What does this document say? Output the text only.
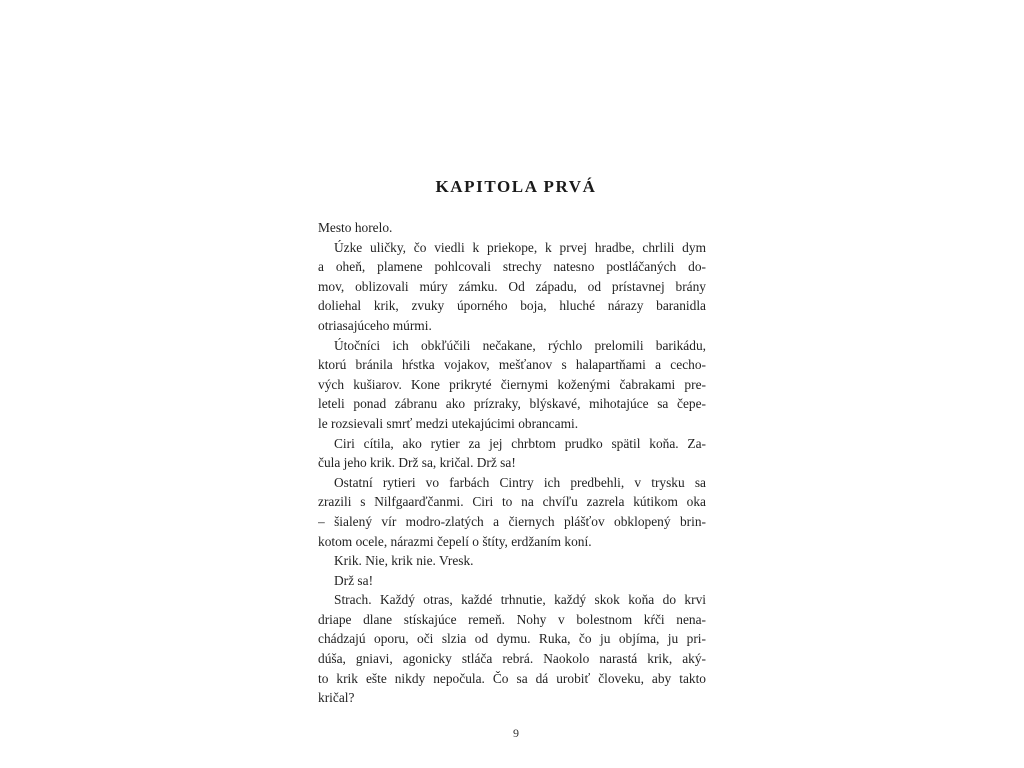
KAPITOLA PRVÁ
Mesto horelo.
Úzke uličky, čo viedli k priekope, k prvej hradbe, chrlili dym
a oheň, plamene pohlcovali strechy natesno postláčaných do-
mov, oblizovali múry zámku. Od západu, od prístavnej brány
doliehal krik, zvuky úporného boja, hluché nárazy baranidla
otriasajúceho múrmi.
Útočníci ich obkľúčili nečakane, rýchlo prelomili barikádu,
ktorú bránila hŕstka vojakov, mešťanov s halapartňami a cecho-
vých kušiarov. Kone prikryté čiernymi koženými čabrakami pre-
leteli ponad zábranu ako prízraky, blýskavé, mihotajúce sa čepe-
le rozsievali smrť medzi utekajúcimi obrancami.
Ciri cítila, ako rytier za jej chrbtom prudko spätil koňa. Za-
čula jeho krik. Drž sa, kričal. Drž sa!
Ostatní rytieri vo farbách Cintry ich predbehli, v trysku sa
zrazili s Nilfgaarďčanmi. Ciri to na chvíľu zazrela kútikom oka
– šialený vír modro-zlatých a čiernych plášťov obklopený brin-
kotom ocele, nárazmi čepelí o štíty, erdžaním koní.
Krik. Nie, krik nie. Vresk.
Drž sa!
Strach. Každý otras, každé trhnutie, každý skok koňa do krvi
driape dlane stískajúce remeň. Nohy v bolestnom kŕči nena-
chádzajú oporu, oči slzia od dymu. Ruka, čo ju objíma, ju pri-
dúša, gniavi, agonicky stláča rebrá. Naokolo narastá krik, aký-
to krik ešte nikdy nepočula. Čo sa dá urobiť človeku, aby takto
kričal?
9
